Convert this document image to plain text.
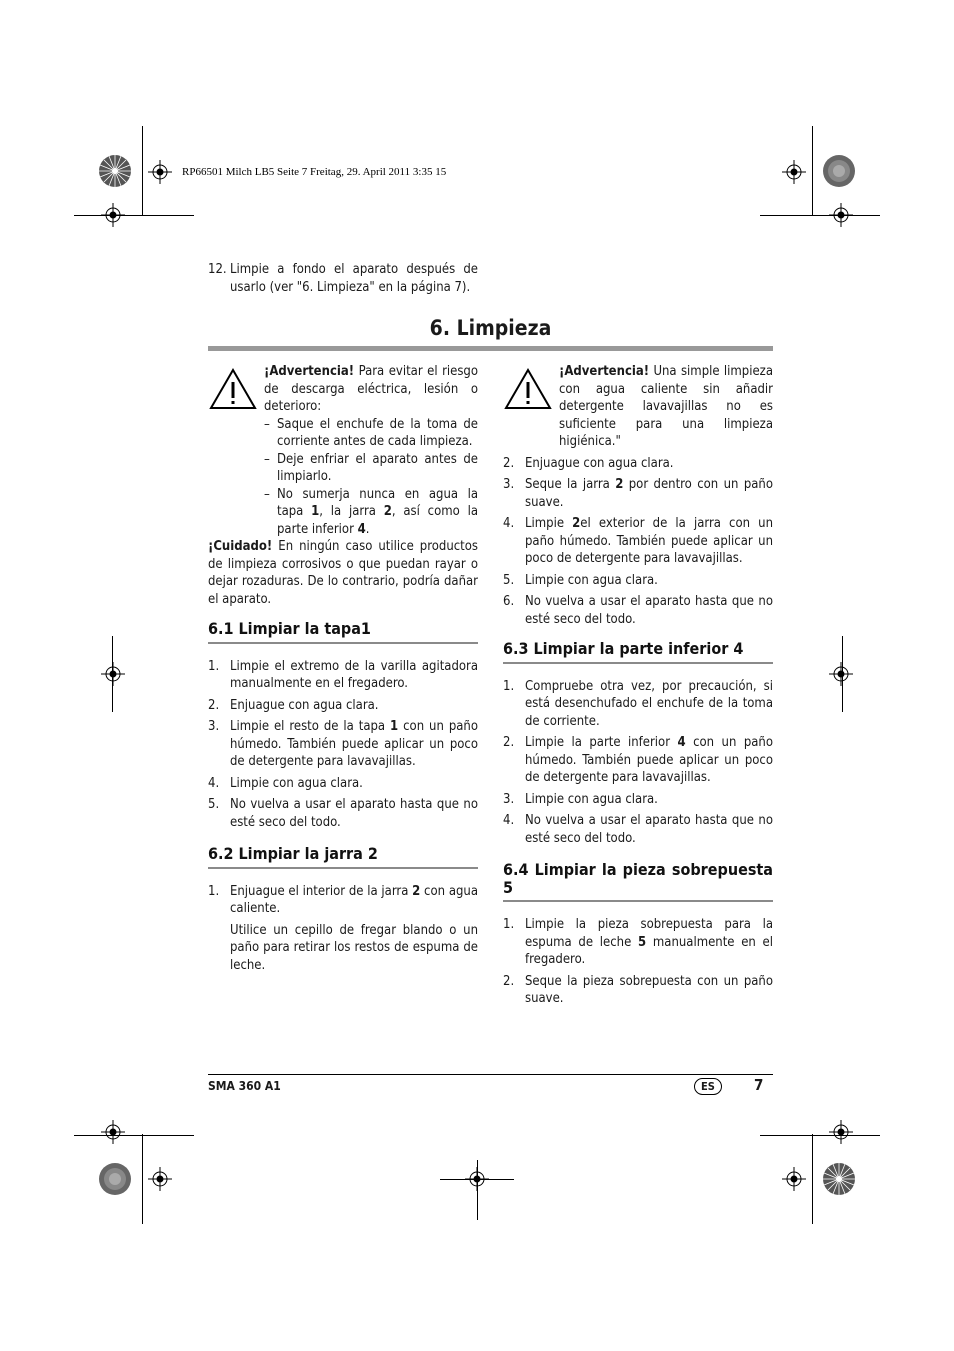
RP66501 Milch LB5 Seite 7 Freitag, 29. April 2011 3:35 15
12. Limpie a fondo el aparato después de usarlo (ver "6. Limpieza" en la página 7).
6. Limpieza
¡Advertencia! Para evitar el riesgo de descarga eléctrica, lesión o deterioro:
– Saque el enchufe de la toma de corriente antes de cada limpieza.
– Deje enfriar el aparato antes de limpiarlo.
– No sumerja nunca en agua la tapa 1, la jarra 2, así como la parte inferior 4.
¡Cuidado! En ningún caso utilice productos de limpieza corrosivos o que puedan rayar o dejar rozaduras. De lo contrario, podría dañar el aparato.
6.1 Limpiar la tapa1
1. Limpie el extremo de la varilla agitadora manualmente en el fregadero.
2. Enjuague con agua clara.
3. Limpie el resto de la tapa 1 con un paño húmedo. También puede aplicar un poco de detergente para lavavajillas.
4. Limpie con agua clara.
5. No vuelva a usar el aparato hasta que no esté seco del todo.
6.2 Limpiar la jarra 2
1. Enjuague el interior de la jarra 2 con agua caliente.
Utilice un cepillo de fregar blando o un paño para retirar los restos de espuma de leche.
¡Advertencia! Una simple limpieza con agua caliente sin añadir detergente lavavajillas no es suficiente para una limpieza higiénica."
2. Enjuague con agua clara.
3. Seque la jarra 2 por dentro con un paño suave.
4. Limpie 2el exterior de la jarra con un paño húmedo. También puede aplicar un poco de detergente para lavavajillas.
5. Limpie con agua clara.
6. No vuelva a usar el aparato hasta que no esté seco del todo.
6.3 Limpiar la parte inferior 4
1. Compruebe otra vez, por precaución, si está desenchufado el enchufe de la toma de corriente.
2. Limpie la parte inferior 4 con un paño húmedo. También puede aplicar un poco de detergente para lavavajillas.
3. Limpie con agua clara.
4. No vuelva a usar el aparato hasta que no esté seco del todo.
6.4 Limpiar la pieza sobrepuesta 5
1. Limpie la pieza sobrepuesta para la espuma de leche 5 manualmente en el fregadero.
2. Seque la pieza sobrepuesta con un paño suave.
SMA 360 A1	ES	7
